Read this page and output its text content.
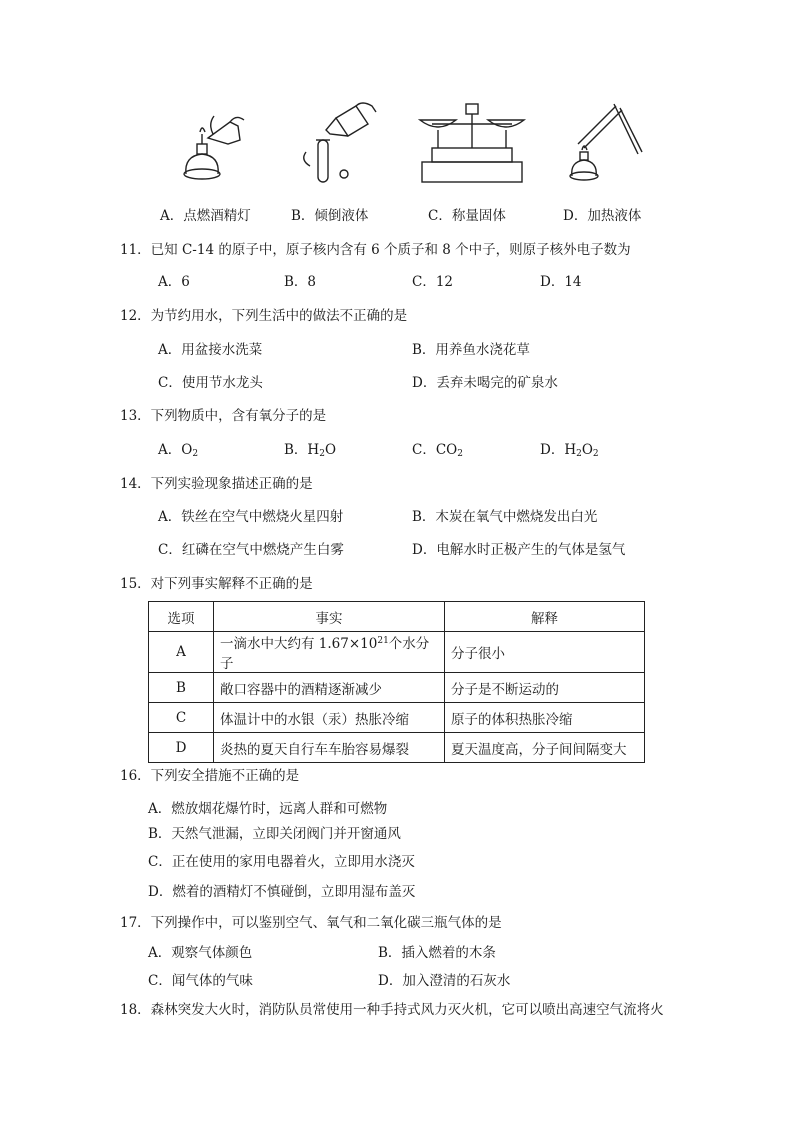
A．点燃酒精灯	B．倾倒液体	C．称量固体	D．加热液体
11．已知 C-14 的原子中，原子核内含有 6 个质子和 8 个中子，则原子核外电子数为
A．6	B．8	C．12	D．14
12．为节约用水，下列生活中的做法不正确的是
A．用盆接水洗菜	B．用养鱼水浇花草
C．使用节水龙头	D．丢弃未喝完的矿泉水
13．下列物质中，含有氧分子的是
A．$O_2$	B．$H_2O$	C．$CO_2$	D．$H_2O_2$
14．下列实验现象描述正确的是
A．铁丝在空气中燃烧火星四射	B．木炭在氧气中燃烧发出白光
C．红磷在空气中燃烧产生白雾	D．电解水时正极产生的气体是氢气
15．对下列事实解释不正确的是
选项	事实	解释
A	一滴水中大约有 $1.67\times 10^{21}$个水分子	分子很小
B	敞口容器中的酒精逐渐减少	分子是不断运动的
C	体温计中的水银（汞）热胀冷缩	原子的体积热胀冷缩
D	炎热的夏天自行车车胎容易爆裂	夏天温度高，分子间间隔变大
16．下列安全措施不正确的是
A．燃放烟花爆竹时，远离人群和可燃物
B．天然气泄漏，立即关闭阀门并开窗通风
C．正在使用的家用电器着火，立即用水浇灭
D．燃着的酒精灯不慎碰倒，立即用湿布盖灭
17．下列操作中，可以鉴别空气、氧气和二氧化碳三瓶气体的是
A．观察气体颜色	B．插入燃着的木条
C．闻气体的气味	D．加入澄清的石灰水
18．森林突发大火时，消防队员常使用一种手持式风力灭火机，它可以喷出高速空气流将火
